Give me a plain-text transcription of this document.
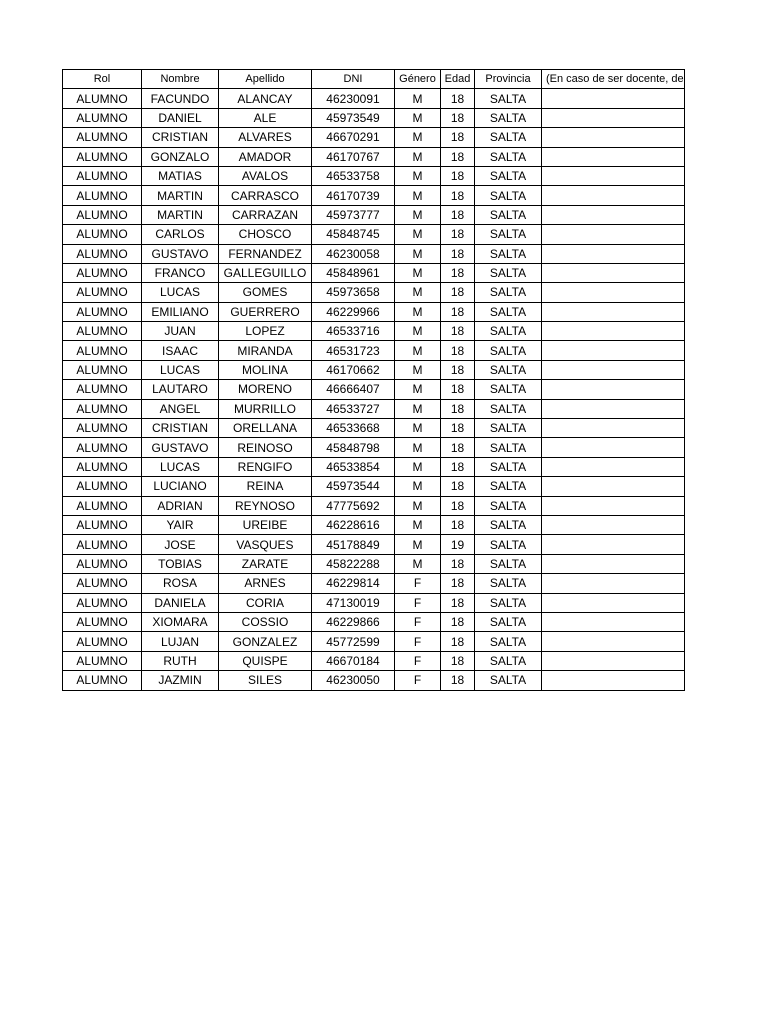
Rol	Nombre	Apellido	DNI	Género	Edad	Provincia	(En caso de ser docente, de
ALUMNO	FACUNDO	ALANCAY	46230091	M	18	SALTA	
ALUMNO	DANIEL	ALE	45973549	M	18	SALTA	
ALUMNO	CRISTIAN	ALVARES	46670291	M	18	SALTA	
ALUMNO	GONZALO	AMADOR	46170767	M	18	SALTA	
ALUMNO	MATIAS	AVALOS	46533758	M	18	SALTA	
ALUMNO	MARTIN	CARRASCO	46170739	M	18	SALTA	
ALUMNO	MARTIN	CARRAZAN	45973777	M	18	SALTA	
ALUMNO	CARLOS	CHOSCO	45848745	M	18	SALTA	
ALUMNO	GUSTAVO	FERNANDEZ	46230058	M	18	SALTA	
ALUMNO	FRANCO	GALLEGUILLO	45848961	M	18	SALTA	
ALUMNO	LUCAS	GOMES	45973658	M	18	SALTA	
ALUMNO	EMILIANO	GUERRERO	46229966	M	18	SALTA	
ALUMNO	JUAN	LOPEZ	46533716	M	18	SALTA	
ALUMNO	ISAAC	MIRANDA	46531723	M	18	SALTA	
ALUMNO	LUCAS	MOLINA	46170662	M	18	SALTA	
ALUMNO	LAUTARO	MORENO	46666407	M	18	SALTA	
ALUMNO	ANGEL	MURRILLO	46533727	M	18	SALTA	
ALUMNO	CRISTIAN	ORELLANA	46533668	M	18	SALTA	
ALUMNO	GUSTAVO	REINOSO	45848798	M	18	SALTA	
ALUMNO	LUCAS	RENGIFO	46533854	M	18	SALTA	
ALUMNO	LUCIANO	REINA	45973544	M	18	SALTA	
ALUMNO	ADRIAN	REYNOSO	47775692	M	18	SALTA	
ALUMNO	YAIR	UREIBE	46228616	M	18	SALTA	
ALUMNO	JOSE	VASQUES	45178849	M	19	SALTA	
ALUMNO	TOBIAS	ZARATE	45822288	M	18	SALTA	
ALUMNO	ROSA	ARNES	46229814	F	18	SALTA	
ALUMNO	DANIELA	CORIA	47130019	F	18	SALTA	
ALUMNO	XIOMARA	COSSIO	46229866	F	18	SALTA	
ALUMNO	LUJAN	GONZALEZ	45772599	F	18	SALTA	
ALUMNO	RUTH	QUISPE	46670184	F	18	SALTA	
ALUMNO	JAZMIN	SILES	46230050	F	18	SALTA	
